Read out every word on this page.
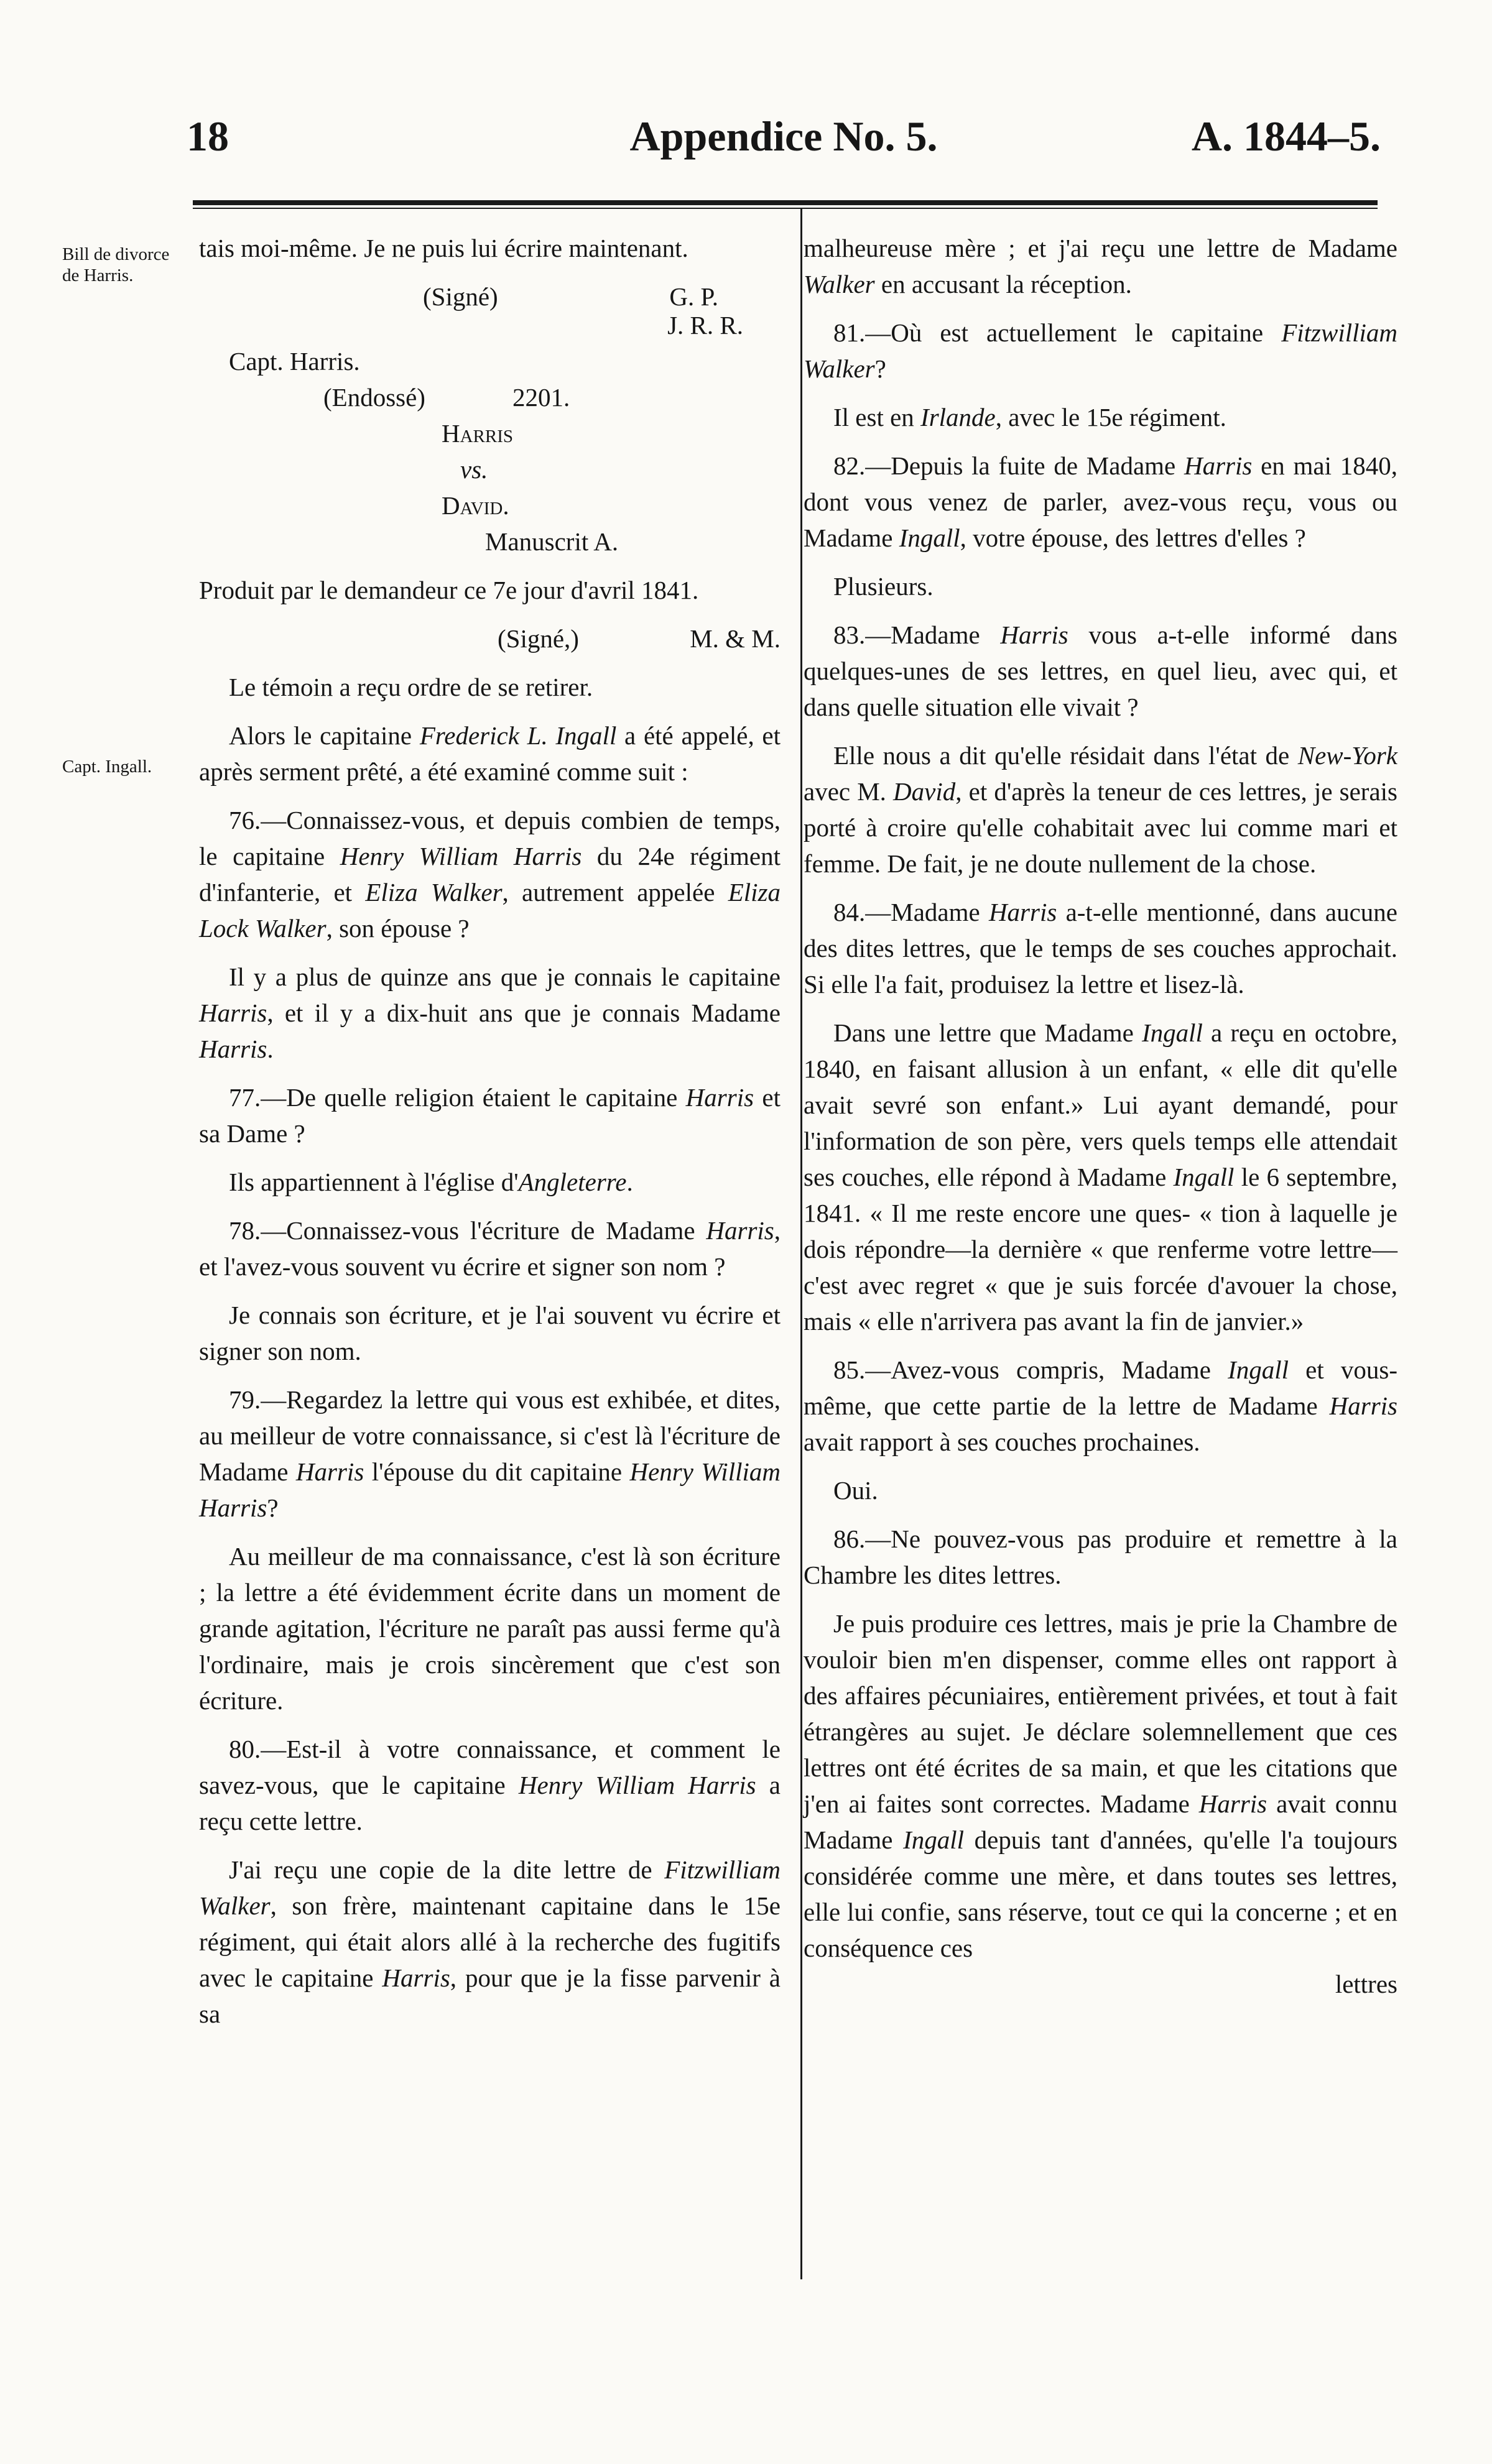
18	Appendice No. 5.	A. 1844–5.
Bill de divorce
de Harris.
Capt. Ingall.
tais moi-même. Je ne puis lui écrire maintenant.
(Signé)	G. P.
J. R. R.
Capt. Harris.
(Endossé)	2201.
Harris
vs.
David.
Manuscrit A.
Produit par le demandeur ce 7e jour d'avril 1841.
(Signé,)	M. & M.
Le témoin a reçu ordre de se retirer.
Alors le capitaine Frederick L. Ingall a été appelé, et après serment prêté, a été examiné comme suit :
76.—Connaissez-vous, et depuis combien de temps, le capitaine Henry William Harris du 24e régiment d'infanterie, et Eliza Walker, autrement appelée Eliza Lock Walker, son épouse ?
Il y a plus de quinze ans que je connais le capitaine Harris, et il y a dix-huit ans que je connais Madame Harris.
77.—De quelle religion étaient le capitaine Harris et sa Dame ?
Ils appartiennent à l'église d'Angleterre.
78.—Connaissez-vous l'écriture de Madame Harris, et l'avez-vous souvent vu écrire et signer son nom ?
Je connais son écriture, et je l'ai souvent vu écrire et signer son nom.
79.—Regardez la lettre qui vous est exhibée, et dites, au meilleur de votre connaissance, si c'est là l'écriture de Madame Harris l'épouse du dit capitaine Henry William Harris?
Au meilleur de ma connaissance, c'est là son écriture ; la lettre a été évidemment écrite dans un moment de grande agitation, l'écriture ne paraît pas aussi ferme qu'à l'ordinaire, mais je crois sincèrement que c'est son écriture.
80.—Est-il à votre connaissance, et comment le savez-vous, que le capitaine Henry William Harris a reçu cette lettre.
J'ai reçu une copie de la dite lettre de Fitzwilliam Walker, son frère, maintenant capitaine dans le 15e régiment, qui était alors allé à la recherche des fugitifs avec le capitaine Harris, pour que je la fisse parvenir à sa
malheureuse mère ; et j'ai reçu une lettre de Madame Walker en accusant la réception.
81.—Où est actuellement le capitaine Fitzwilliam Walker?
Il est en Irlande, avec le 15e régiment.
82.—Depuis la fuite de Madame Harris en mai 1840, dont vous venez de parler, avez-vous reçu, vous ou Madame Ingall, votre épouse, des lettres d'elles ?
Plusieurs.
83.—Madame Harris vous a-t-elle informé dans quelques-unes de ses lettres, en quel lieu, avec qui, et dans quelle situation elle vivait ?
Elle nous a dit qu'elle résidait dans l'état de New-York avec M. David, et d'après la teneur de ces lettres, je serais porté à croire qu'elle cohabitait avec lui comme mari et femme. De fait, je ne doute nullement de la chose.
84.—Madame Harris a-t-elle mentionné, dans aucune des dites lettres, que le temps de ses couches approchait. Si elle l'a fait, produisez la lettre et lisez-là.
Dans une lettre que Madame Ingall a reçu en octobre, 1840, en faisant allusion à un enfant, « elle dit qu'elle avait sevré son enfant.» Lui ayant demandé, pour l'information de son père, vers quels temps elle attendait ses couches, elle répond à Madame Ingall le 6 septembre, 1841. « Il me reste encore une ques- « tion à laquelle je dois répondre—la dernière « que renferme votre lettre—c'est avec regret « que je suis forcée d'avouer la chose, mais « elle n'arrivera pas avant la fin de janvier.»
85.—Avez-vous compris, Madame Ingall et vous-même, que cette partie de la lettre de Madame Harris avait rapport à ses couches prochaines.
Oui.
86.—Ne pouvez-vous pas produire et remettre à la Chambre les dites lettres.
Je puis produire ces lettres, mais je prie la Chambre de vouloir bien m'en dispenser, comme elles ont rapport à des affaires pécuniaires, entièrement privées, et tout à fait étrangères au sujet. Je déclare solemnellement que ces lettres ont été écrites de sa main, et que les citations que j'en ai faites sont correctes. Madame Harris avait connu Madame Ingall depuis tant d'années, qu'elle l'a toujours considérée comme une mère, et dans toutes ses lettres, elle lui confie, sans réserve, tout ce qui la concerne ; et en conséquence ces
lettres
